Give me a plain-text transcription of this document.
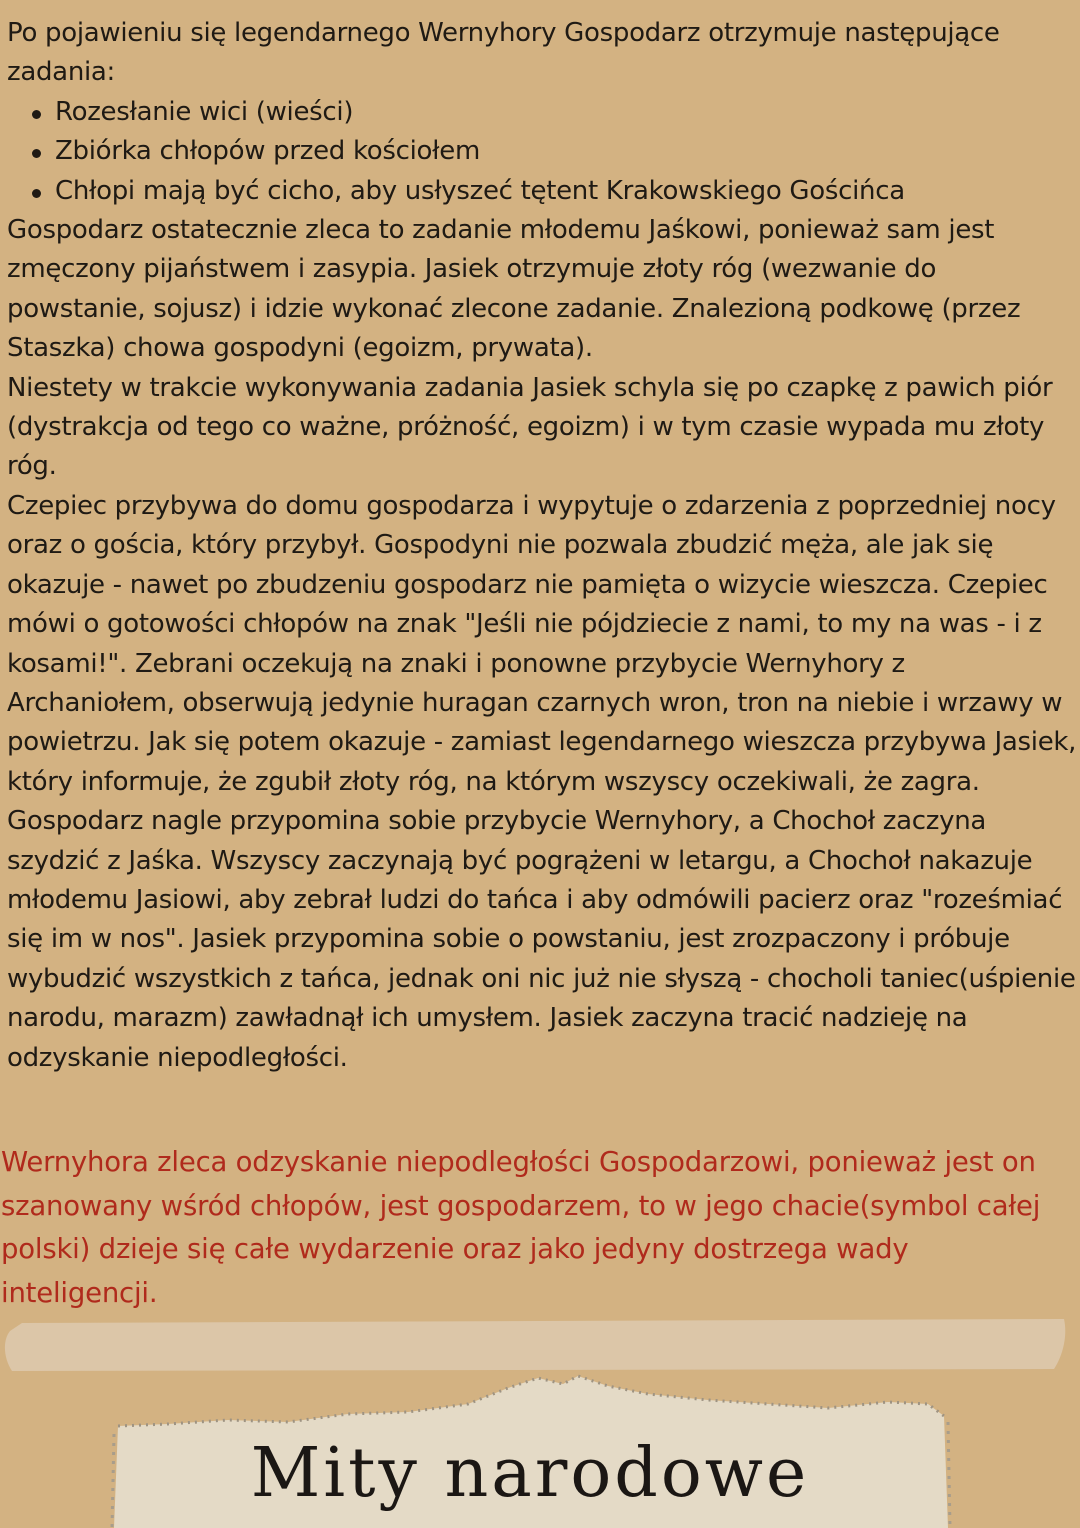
Po pojawieniu się legendarnego Wernyhory Gospodarz otrzymuje następujące zadania:

Rozesłanie wici (wieści)
Zbiórka chłopów przed kościołem
Chłopi mają być cicho, aby usłyszeć tętent Krakowskiego Gościńca

Gospodarz ostatecznie zleca to zadanie młodemu Jaśkowi, ponieważ sam jest zmęczony pijaństwem i zasypia. Jasiek otrzymuje złoty róg (wezwanie do powstanie, sojusz) i idzie wykonać zlecone zadanie. Znalezioną podkowę (przez Staszka) chowa gospodyni (egoizm, prywata).

Niestety w trakcie wykonywania zadania Jasiek schyla się po czapkę z pawich piór (dystrakcja od tego co ważne, próżność, egoizm) i w tym czasie wypada mu złoty róg.

Czepiec przybywa do domu gospodarza i wypytuje o zdarzenia z poprzedniej nocy oraz o gościa, który przybył. Gospodyni nie pozwala zbudzić męża, ale jak się okazuje - nawet po zbudzeniu gospodarz nie pamięta o wizycie wieszcza. Czepiec mówi o gotowości chłopów na znak "Jeśli nie pójdziecie z nami, to my na was - i z kosami!". Zebrani oczekują na znaki i ponowne przybycie Wernyhory z Archaniołem, obserwują jedynie huragan czarnych wron, tron na niebie i wrzawy w powietrzu. Jak się potem okazuje - zamiast legendarnego wieszcza przybywa Jasiek, który informuje, że zgubił złoty róg, na którym wszyscy oczekiwali, że zagra. Gospodarz nagle przypomina sobie przybycie Wernyhory, a Chochoł zaczyna szydzić z Jaśka. Wszyscy zaczynają być pogrążeni w letargu, a Chochoł nakazuje młodemu Jasiowi, aby zebrał ludzi do tańca i aby odmówili pacierz oraz "roześmiać się im w nos". Jasiek przypomina sobie o powstaniu, jest zrozpaczony i próbuje wybudzić wszystkich z tańca, jednak oni nic już nie słyszą - chocholi taniec(uśpienie narodu, marazm) zawładnął ich umysłem. Jasiek zaczyna tracić nadzieję na odzyskanie niepodległości.

Wernyhora zleca odzyskanie niepodległości Gospodarzowi, ponieważ jest on szanowany wśród chłopów, jest gospodarzem, to w jego chacie(symbol całej polski) dzieje się całe wydarzenie oraz jako jedyny dostrzega wady inteligencji.

Mity narodowe
